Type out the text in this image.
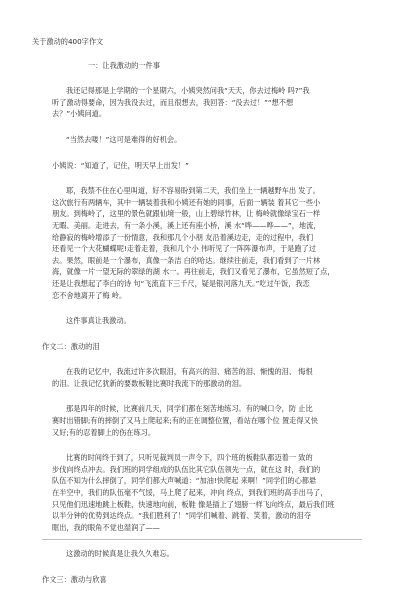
关于激动的400字作文

一：让我激动的一件事

我还记得那是上学期的一个星期六，小姨突然问我“天天，你去过梅岭 吗?”我

听了激动得要命，因为我没去过，而且很想去，我回答：“没去过！”“想不想

去？”小姨问道。

“当然去喽！”这可是难得的好机会。

小姨说：“知道了，记住，明天早上出发！”

耶，我禁不住在心里叫道，好不容易盼到第二天，我们坐上一辆越野车出 发了。

这次旅行有两辆车，其中一辆装着我和小姨还有她的同事，后面一辆装 着其它一些小

朋友。到梅岭了，这里的景色就跟仙境一般，山上碧绿竹林，让 梅岭就像绿宝石一样

无暇、美丽。走进去，有一条小溪，溪上还有座小桥，溪 水“哗——哗——”，地流，

给静寂的梅岭增添了一份情意，我和那几个小朋 友沿着溪边走，走的过程中，我们

还看见一个大花蝴蝶呢!走着走着，我和几个小 伟听见了一阵阵瀑布声，于是跑了过

去。果然，眼前是一个瀑布，真像一条洁 白的哈达。继续往前走，我们看到了一片林

海，就像一片一望无际的翠绿的湖 水一。再往前走，我们又看见了瀑布，它虽然短了点，

还是让我想起了李白的诗 句“飞流直下三千尺，疑是银河落九天。”吃过午饭，我恋

恋不舍地离开了梅 岭。

这件事真让我激动。

作文二：激动的泪

在我的记忆中，我流过许多次眼泪，有高兴的泪、痛苦的泪、惭愧的泪、 悔恨

的泪。让我记忆犹新的要数板鞋比赛时我流下的那激动的泪。

那是四年的时候，比赛前几天，同学们都在刻苦地练习。有的喊口令，防 止比

赛时出错脚;有的摔倒了又马上爬起来;有的正在调整位置，看站在哪个位 置走得又快

又好;有的忍着脚上的伤在练习。

比赛的时间终于到了，只听见裁判员一声令下，四个班的板鞋队都迈着一 致的

步伐向终点冲去。我们班的同学组成的队伍比其它队伍领先一点，就在这 时，我们的

队伍不知为什么摔倒了，同学们都大声喊道：“加油!快爬起 来啊！”同学们的心都悬

在半空中，我们的队伍毫不气馁，马上爬了起来，冲向 终点，到我们班的高手出马了，

只见他们迅速地跳上板鞋，快速地向前，板鞋 像是插上了翅膀一样飞向终点，最后我们班

以半分钟的优势到达终点。“我们胜利了！”同学们喊着、跳着、笑着，激动的泪夺

眶出，我的眼角不觉也湿润了——

这激动的时候真是让我久久难忘。

作文三：激动与欣喜
